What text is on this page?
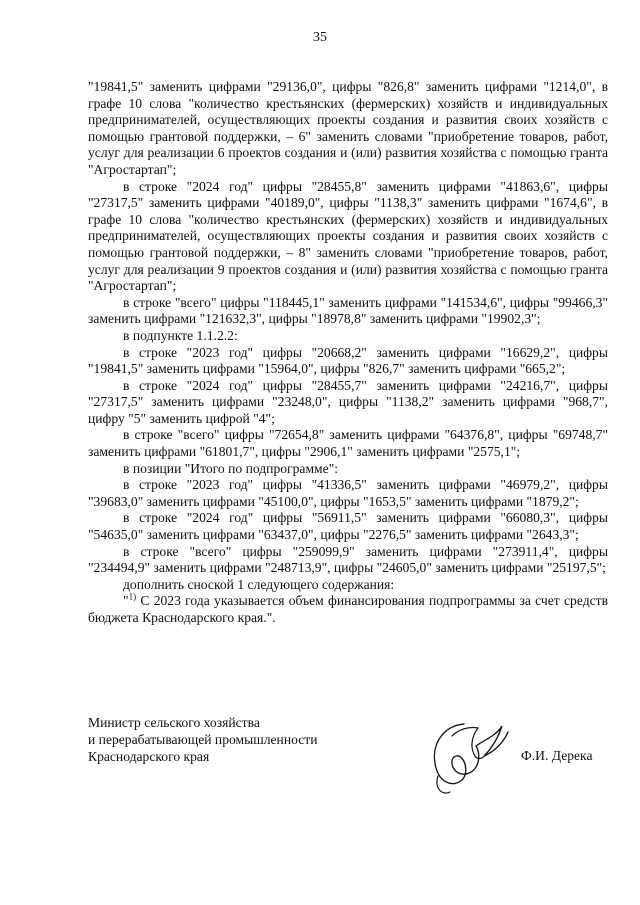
35

"19841,5" заменить цифрами "29136,0", цифры "826,8" заменить цифрами "1214,0", в графе 10 слова "количество крестьянских (фермерских) хозяйств и индивидуальных предпринимателей, осуществляющих проекты создания и развития своих хозяйств с помощью грантовой поддержки, – 6" заменить словами "приобретение товаров, работ, услуг для реализации 6 проектов создания и (или) развития хозяйства с помощью гранта "Агростартап";

в строке "2024 год" цифры "28455,8" заменить цифрами "41863,6", цифры "27317,5" заменить цифрами "40189,0", цифры "1138,3" заменить цифрами "1674,6", в графе 10 слова "количество крестьянских (фермерских) хозяйств и индивидуальных предпринимателей, осуществляющих проекты создания и развития своих хозяйств с помощью грантовой поддержки, – 8" заменить словами "приобретение товаров, работ, услуг для реализации 9 проектов создания и (или) развития хозяйства с помощью гранта "Агростартап";

в строке "всего" цифры "118445,1" заменить цифрами "141534,6", цифры "99466,3" заменить цифрами "121632,3", цифры "18978,8" заменить цифрами "19902,3";

в подпункте 1.1.2.2:

в строке "2023 год" цифры "20668,2" заменить цифрами "16629,2", цифры "19841,5" заменить цифрами "15964,0", цифры "826,7" заменить цифрами "665,2";

в строке "2024 год" цифры "28455,7" заменить цифрами "24216,7", цифры "27317,5" заменить цифрами "23248,0", цифры "1138,2" заменить цифрами "968,7", цифру "5" заменить цифрой "4";

в строке "всего" цифры "72654,8" заменить цифрами "64376,8", цифры "69748,7" заменить цифрами "61801,7", цифры "2906,1" заменить цифрами "2575,1";

в позиции "Итого по подпрограмме":

в строке "2023 год" цифры "41336,5" заменить цифрами "46979,2", цифры "39683,0" заменить цифрами "45100,0", цифры "1653,5" заменить цифрами "1879,2";

в строке "2024 год" цифры "56911,5" заменить цифрами "66080,3", цифры "54635,0" заменить цифрами "63437,0", цифры "2276,5" заменить цифрами "2643,3";

в строке "всего" цифры "259099,9" заменить цифрами "273911,4", цифры "234494,9" заменить цифрами "248713,9", цифры "24605,0" заменить цифрами "25197,5";

дополнить сноской 1 следующего содержания:

"$^{1)}$ С 2023 года указывается объем финансирования подпрограммы за счет средств бюджета Краснодарского края.".

Министр сельского хозяйства
и перерабатывающей промышленности
Краснодарского края	Ф.И. Дерека
